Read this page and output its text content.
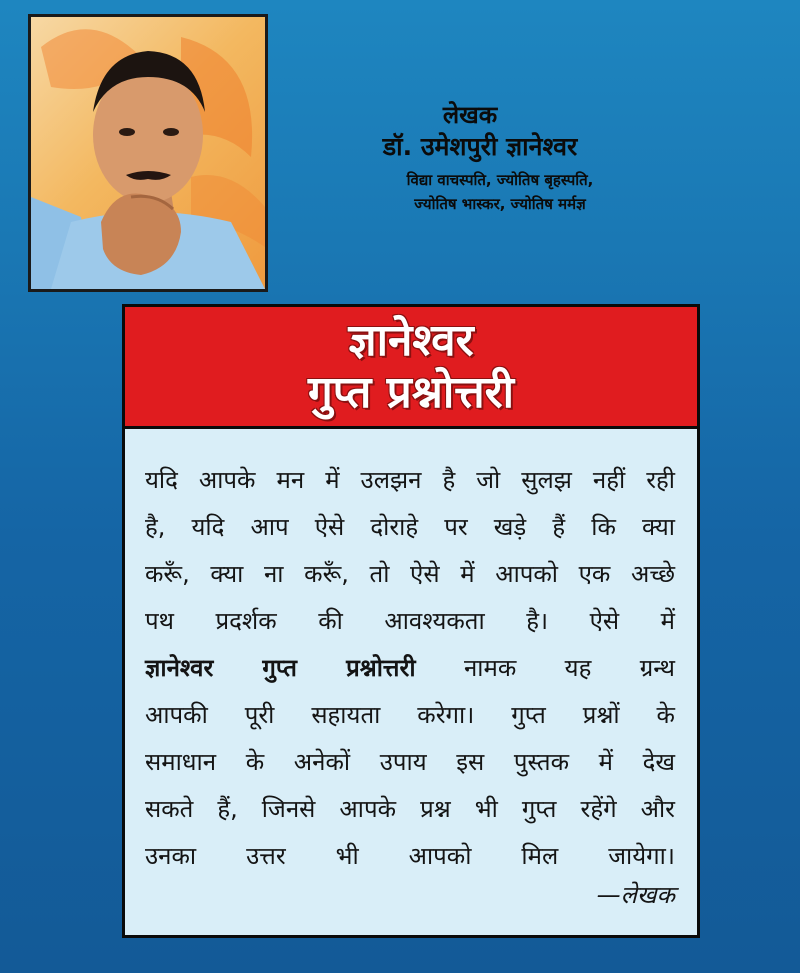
लेखक
डॉ. उमेशपुरी ज्ञानेश्वर
विद्या वाचस्पति, ज्योतिष बृहस्पति,
ज्योतिष भास्कर, ज्योतिष मर्मज्ञ
ज्ञानेश्वर
गुप्त प्रश्नोत्तरी
यदि आपके मन में उलझन है जो सुलझ नहीं रही
है, यदि आप ऐसे दोराहे पर खड़े हैं कि क्या
करूँ, क्या ना करूँ, तो ऐसे में आपको एक अच्छे
पथ प्रदर्शक की आवश्यकता है। ऐसे में
ज्ञानेश्वर गुप्त प्रश्नोत्तरी नामक यह ग्रन्थ
आपकी पूरी सहायता करेगा। गुप्त प्रश्नों के
समाधान के अनेकों उपाय इस पुस्तक में देख
सकते हैं, जिनसे आपके प्रश्न भी गुप्त रहेंगे और
उनका उत्तर भी आपको मिल जायेगा।
—लेखक
